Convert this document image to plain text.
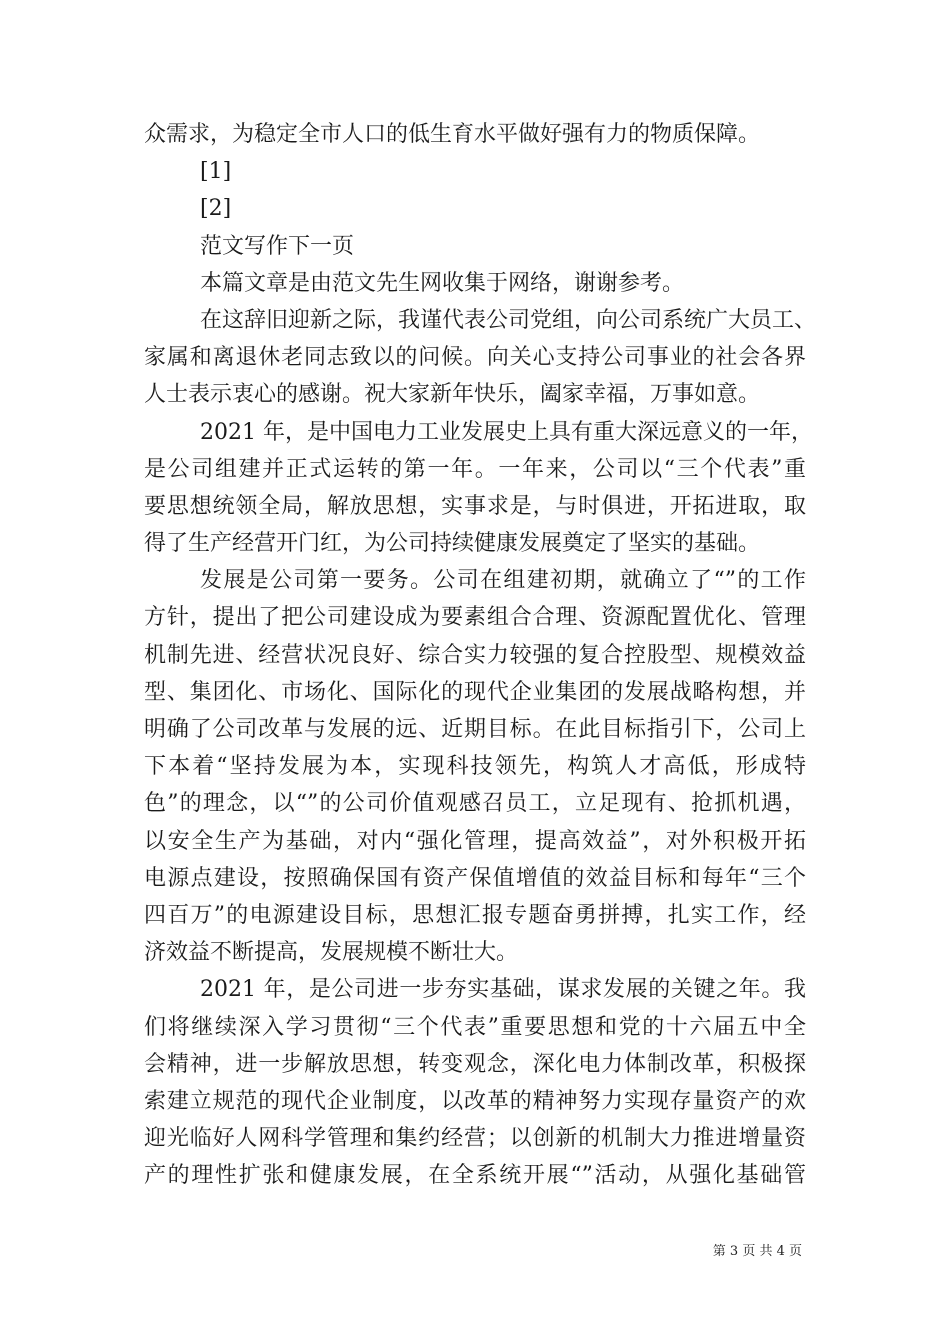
众需求，为稳定全市人口的低生育水平做好强有力的物质保障。
[1]
[2]
范文写作下一页
本篇文章是由范文先生网收集于网络，谢谢参考。
在这辞旧迎新之际，我谨代表公司党组，向公司系统广大员工、
家属和离退休老同志致以的问候。向关心支持公司事业的社会各界
人士表示衷心的感谢。祝大家新年快乐，阖家幸福，万事如意。
2021 年，是中国电力工业发展史上具有重大深远意义的一年，
是公司组建并正式运转的第一年。一年来，公司以“三个代表”重
要思想统领全局，解放思想，实事求是，与时俱进，开拓进取，取
得了生产经营开门红，为公司持续健康发展奠定了坚实的基础。
发展是公司第一要务。公司在组建初期，就确立了“”的工作
方针，提出了把公司建设成为要素组合合理、资源配置优化、管理
机制先进、经营状况良好、综合实力较强的复合控股型、规模效益
型、集团化、市场化、国际化的现代企业集团的发展战略构想，并
明确了公司改革与发展的远、近期目标。在此目标指引下，公司上
下本着“坚持发展为本，实现科技领先，构筑人才高低，形成特
色”的理念，以“”的公司价值观感召员工，立足现有、抢抓机遇，
以安全生产为基础，对内“强化管理，提高效益”，对外积极开拓
电源点建设，按照确保国有资产保值增值的效益目标和每年“三个
四百万”的电源建设目标，思想汇报专题奋勇拼搏，扎实工作，经
济效益不断提高，发展规模不断壮大。
2021 年，是公司进一步夯实基础，谋求发展的关键之年。我
们将继续深入学习贯彻“三个代表”重要思想和党的十六届五中全
会精神，进一步解放思想，转变观念，深化电力体制改革，积极探
索建立规范的现代企业制度，以改革的精神努力实现存量资产的欢
迎光临好人网科学管理和集约经营；以创新的机制大力推进增量资
产的理性扩张和健康发展，在全系统开展“”活动，从强化基础管
第 3 页 共 4 页
